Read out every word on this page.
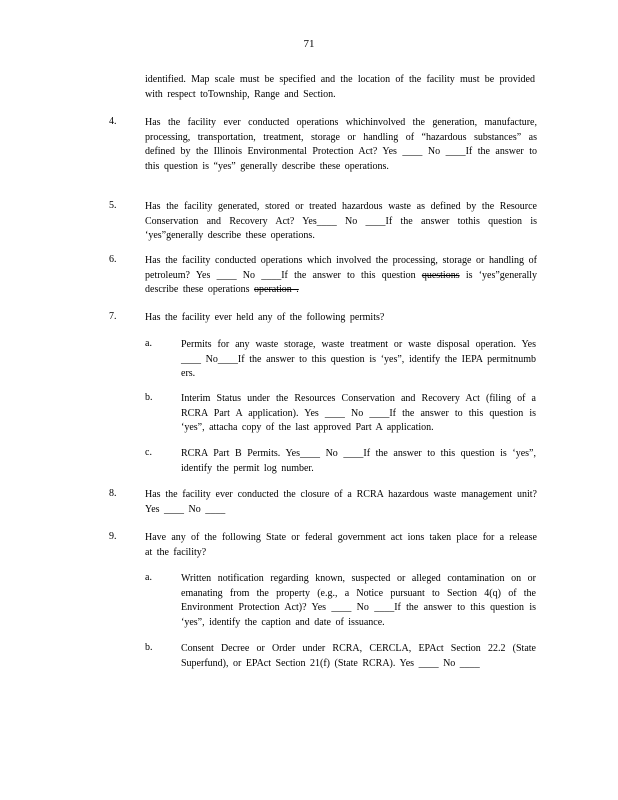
71
identified. Map scale must be specified and the location of the facility must be provided with respect toTownship, Range and Section.
4.	Has the facility ever conducted operations whichinvolved the generation, manufacture, processing, transportation, treatment, storage or handling of “hazardous substances” as defined by the Illinois Environmental Protection Act? Yes ____ No ____If the answer to this question is “yes” generally describe these operations.
5.	Has the facility generated, stored or treated hazardous waste as defined by the Resource Conservation and Recovery Act? Yes____ No ____If the answer tothis question is ‘yes”generally describe these operations.
6.	Has the facility conducted operations which involved the processing, storage or handling of petroleum? Yes ____ No ____If the answer to this question questions is ‘yes”generally describe these operations operation .
7.	Has the facility ever held any of the following permits?
a.	Permits for any waste storage, waste treatment or waste disposal operation. Yes ____ No____If the answer to this question is ‘yes”, identify the IEPA permitnumb ers.
b.	Interim Status under the Resources Conservation and Recovery Act (filing of a RCRA Part A application). Yes ____ No ____If the answer to this question is ‘yes”, attacha copy of the last approved Part A application.
c.	RCRA Part B Permits. Yes____ No ____If the answer to this question is ‘yes”, identify the permit log number.
8.	Has the facility ever conducted the closure of a RCRA hazardous waste management unit? Yes ____ No ____
9.	Have any of the following State or federal government act ions taken place for a release at the facility?
a.	Written notification regarding known, suspected or alleged contamination on or emanating from the property (e.g., a Notice pursuant to Section 4(q) of the Environment Protection Act)? Yes ____ No ____If the answer to this question is ‘yes”, identify the caption and date of issuance.
b.	Consent Decree or Order under RCRA, CERCLA, EPAct Section 22.2 (State Superfund), or EPAct Section 21(f) (State RCRA). Yes ____ No ____
